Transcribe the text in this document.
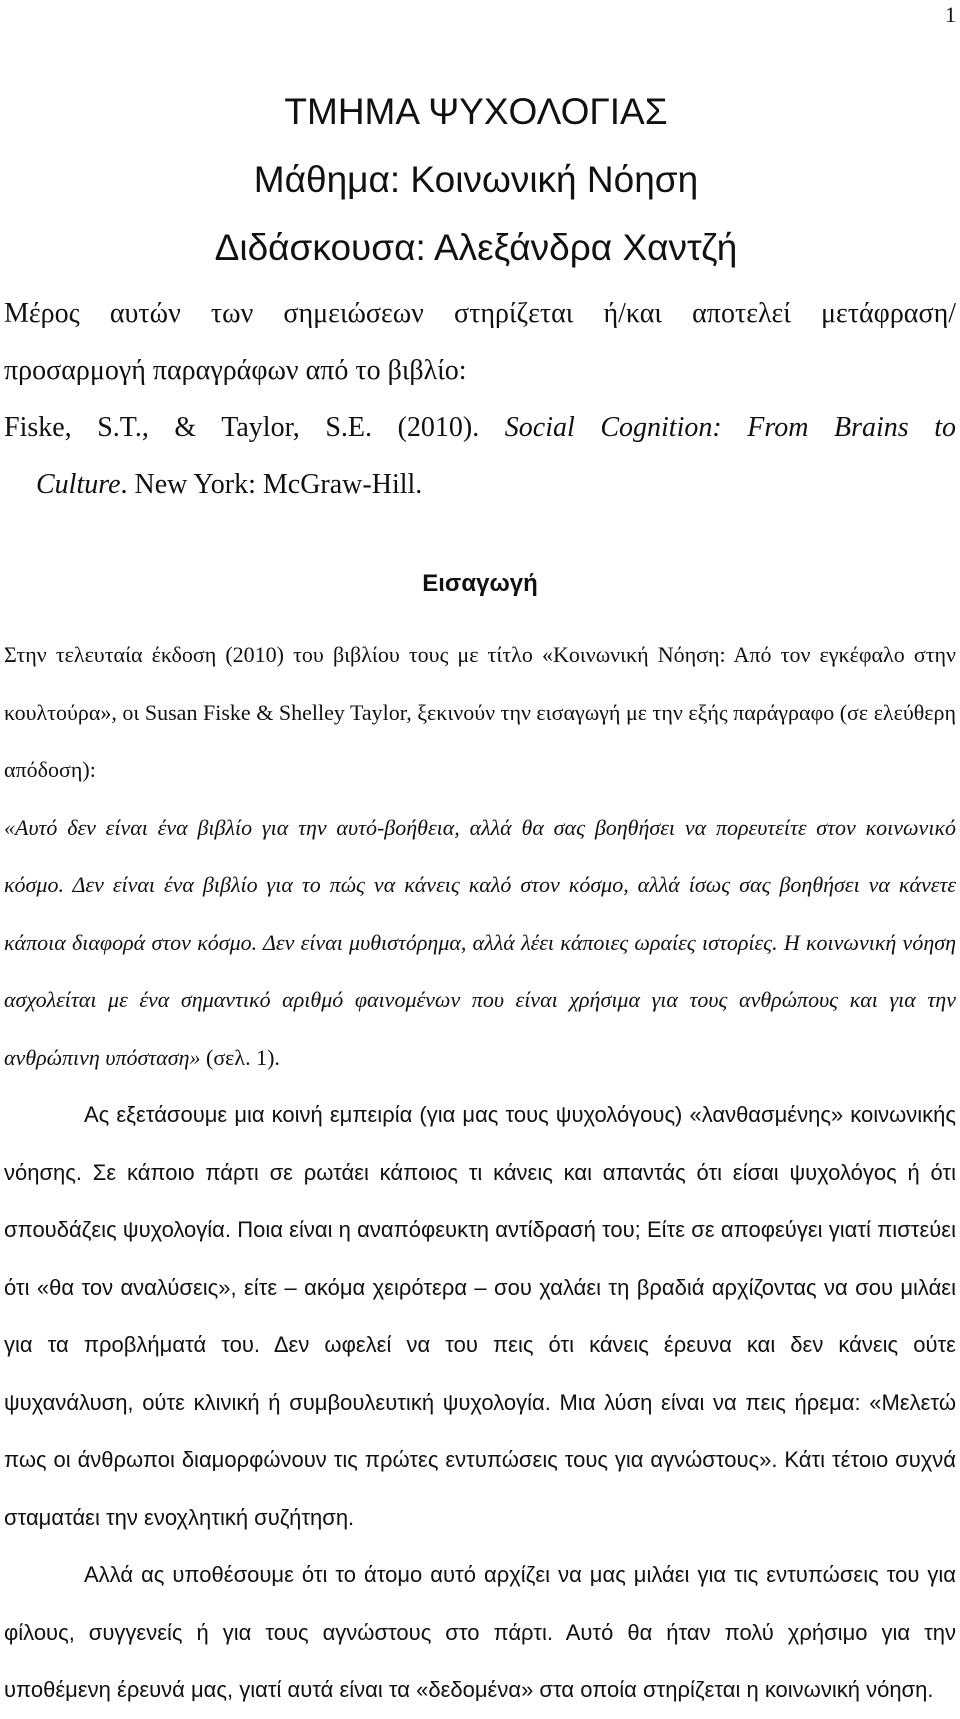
1
ΤΜΗΜΑ ΨΥΧΟΛΟΓΙΑΣ
Μάθημα: Κοινωνική Νόηση
Διδάσκουσα: Αλεξάνδρα Χαντζή

Μέρος αυτών των σημειώσεων στηρίζεται ή/και αποτελεί μετάφραση/

προσαρμογή παραγράφων από το βιβλίο:

Fiske, S.T., & Taylor, S.E. (2010). Social Cognition: From Brains to

Culture. New York: McGraw-Hill.

Εισαγωγή

Στην τελευταία έκδοση (2010) του βιβλίου τους με τίτλο «Κοινωνική Νόηση: Από τον εγκέφαλο στην κουλτούρα», οι Susan Fiske & Shelley Taylor, ξεκινούν την εισαγωγή με την εξής παράγραφο (σε ελεύθερη απόδοση):
«Αυτό δεν είναι ένα βιβλίο για την αυτό-βοήθεια, αλλά θα σας βοηθήσει να πορευτείτε στον κοινωνικό κόσμο. Δεν είναι ένα βιβλίο για το πώς να κάνεις καλό στον κόσμο, αλλά ίσως σας βοηθήσει να κάνετε κάποια διαφορά στον κόσμο. Δεν είναι μυθιστόρημα, αλλά λέει κάποιες ωραίες ιστορίες. Η κοινωνική νόηση ασχολείται με ένα σημαντικό αριθμό φαινομένων που είναι χρήσιμα για τους ανθρώπους και για την ανθρώπινη υπόσταση» (σελ. 1).

Ας εξετάσουμε μια κοινή εμπειρία (για μας τους ψυχολόγους) «λανθασμένης» κοινωνικής νόησης. Σε κάποιο πάρτι σε ρωτάει κάποιος τι κάνεις και απαντάς ότι είσαι ψυχολόγος ή ότι σπουδάζεις ψυχολογία. Ποια είναι η αναπόφευκτη αντίδρασή του; Είτε σε αποφεύγει γιατί πιστεύει ότι «θα τον αναλύσεις», είτε – ακόμα χειρότερα – σου χαλάει τη βραδιά αρχίζοντας να σου μιλάει για τα προβλήματά του. Δεν ωφελεί να του πεις ότι κάνεις έρευνα και δεν κάνεις ούτε ψυχανάλυση, ούτε κλινική ή συμβουλευτική ψυχολογία. Μια λύση είναι να πεις ήρεμα: «Μελετώ πως οι άνθρωποι διαμορφώνουν τις πρώτες εντυπώσεις τους για αγνώστους». Κάτι τέτοιο συχνά σταματάει την ενοχλητική συζήτηση.

Αλλά ας υποθέσουμε ότι το άτομο αυτό αρχίζει να μας μιλάει για τις εντυπώσεις του για φίλους, συγγενείς ή για τους αγνώστους στο πάρτι. Αυτό θα ήταν πολύ χρήσιμο για την υποθέμενη έρευνά μας, γιατί αυτά είναι τα «δεδομένα» στα οποία στηρίζεται η κοινωνική νόηση.
